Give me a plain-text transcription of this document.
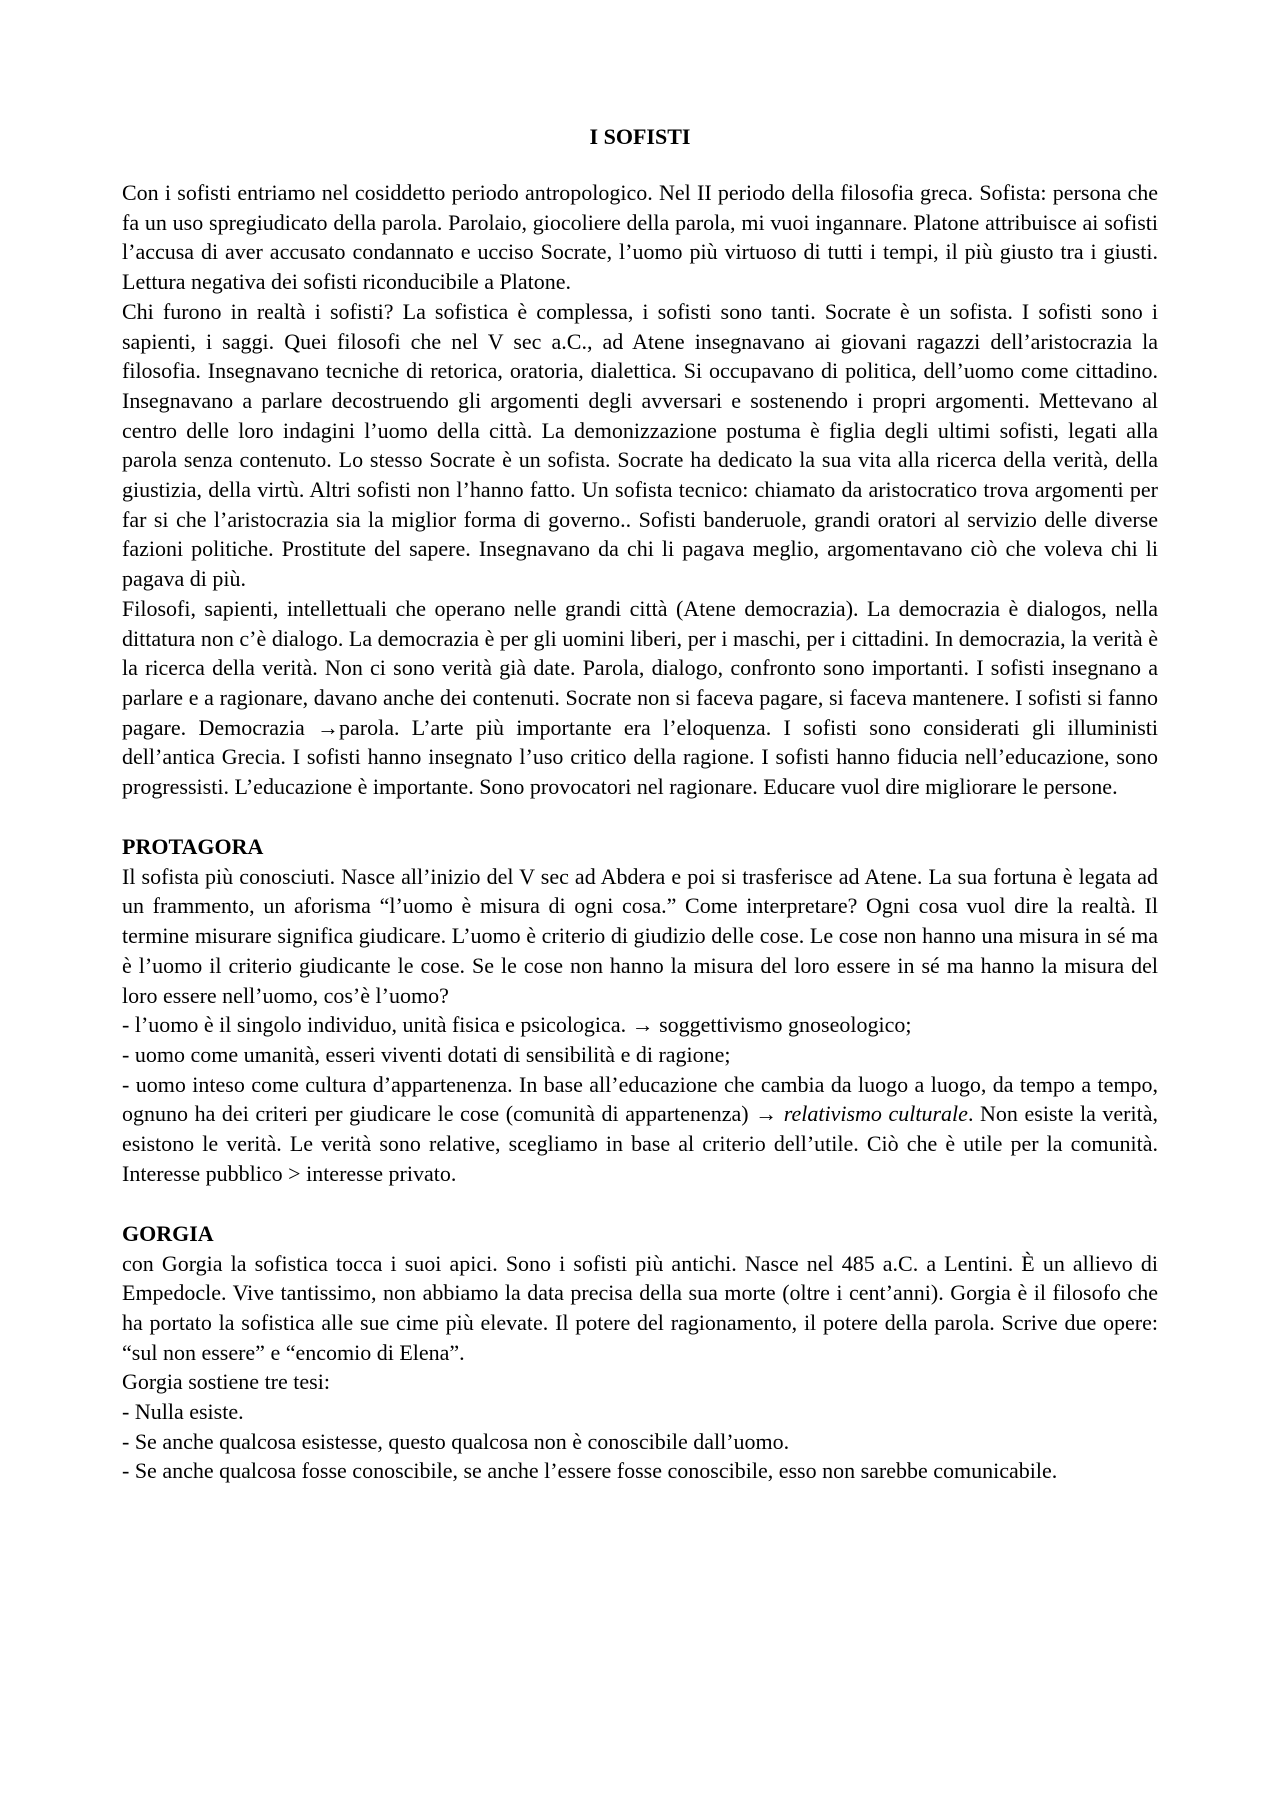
I SOFISTI

Con i sofisti entriamo nel cosiddetto periodo antropologico. Nel II periodo della filosofia greca. Sofista: persona che fa un uso spregiudicato della parola. Parolaio, giocoliere della parola, mi vuoi ingannare. Platone attribuisce ai sofisti l’accusa di aver accusato condannato e ucciso Socrate, l’uomo più virtuoso di tutti i tempi, il più giusto tra i giusti. Lettura negativa dei sofisti riconducibile a Platone.

Chi furono in realtà i sofisti? La sofistica è complessa, i sofisti sono tanti. Socrate è un sofista. I sofisti sono i sapienti, i saggi. Quei filosofi che nel V sec a.C., ad Atene insegnavano ai giovani ragazzi dell’aristocrazia la filosofia. Insegnavano tecniche di retorica, oratoria, dialettica. Si occupavano di politica, dell’uomo come cittadino. Insegnavano a parlare decostruendo gli argomenti degli avversari e sostenendo i propri argomenti. Mettevano al centro delle loro indagini l’uomo della città. La demonizzazione postuma è figlia degli ultimi sofisti, legati alla parola senza contenuto. Lo stesso Socrate è un sofista. Socrate ha dedicato la sua vita alla ricerca della verità, della giustizia, della virtù. Altri sofisti non l’hanno fatto. Un sofista tecnico: chiamato da aristocratico trova argomenti per far si che l’aristocrazia sia la miglior forma di governo.. Sofisti banderuole, grandi oratori al servizio delle diverse fazioni politiche. Prostitute del sapere. Insegnavano da chi li pagava meglio, argomentavano ciò che voleva chi li pagava di più.

Filosofi, sapienti, intellettuali che operano nelle grandi città (Atene democrazia). La democrazia è dialogos, nella dittatura non c’è dialogo. La democrazia è per gli uomini liberi, per i maschi, per i cittadini. In democrazia, la verità è la ricerca della verità. Non ci sono verità già date. Parola, dialogo, confronto sono importanti. I sofisti insegnano a parlare e a ragionare, davano anche dei contenuti. Socrate non si faceva pagare, si faceva mantenere. I sofisti si fanno pagare. Democrazia →parola. L’arte più importante era l’eloquenza. I sofisti sono considerati gli illuministi dell’antica Grecia. I sofisti hanno insegnato l’uso critico della ragione. I sofisti hanno fiducia nell’educazione, sono progressisti. L’educazione è importante. Sono provocatori nel ragionare. Educare vuol dire migliorare le persone.

PROTAGORA

Il sofista più conosciuti. Nasce all’inizio del V sec ad Abdera e poi si trasferisce ad Atene. La sua fortuna è legata ad un frammento, un aforisma “l’uomo è misura di ogni cosa.” Come interpretare? Ogni cosa vuol dire la realtà. Il termine misurare significa giudicare. L’uomo è criterio di giudizio delle cose. Le cose non hanno una misura in sé ma è l’uomo il criterio giudicante le cose. Se le cose non hanno la misura del loro essere in sé ma hanno la misura del loro essere nell’uomo, cos’è l’uomo?

- l’uomo è il singolo individuo, unità fisica e psicologica. → soggettivismo gnoseologico;

- uomo come umanità, esseri viventi dotati di sensibilità e di ragione;

- uomo inteso come cultura d’appartenenza. In base all’educazione che cambia da luogo a luogo, da tempo a tempo, ognuno ha dei criteri per giudicare le cose (comunità di appartenenza) → relativismo culturale. Non esiste la verità, esistono le verità. Le verità sono relative, scegliamo in base al criterio dell’utile. Ciò che è utile per la comunità. Interesse pubblico > interesse privato.

GORGIA

con Gorgia la sofistica tocca i suoi apici. Sono i sofisti più antichi. Nasce nel 485 a.C. a Lentini. È un allievo di Empedocle. Vive tantissimo, non abbiamo la data precisa della sua morte (oltre i cent’anni). Gorgia è il filosofo che ha portato la sofistica alle sue cime più elevate. Il potere del ragionamento, il potere della parola. Scrive due opere: “sul non essere” e “encomio di Elena”.

Gorgia sostiene tre tesi:

- Nulla esiste.

- Se anche qualcosa esistesse, questo qualcosa non è conoscibile dall’uomo.

- Se anche qualcosa fosse conoscibile, se anche l’essere fosse conoscibile, esso non sarebbe comunicabile.
